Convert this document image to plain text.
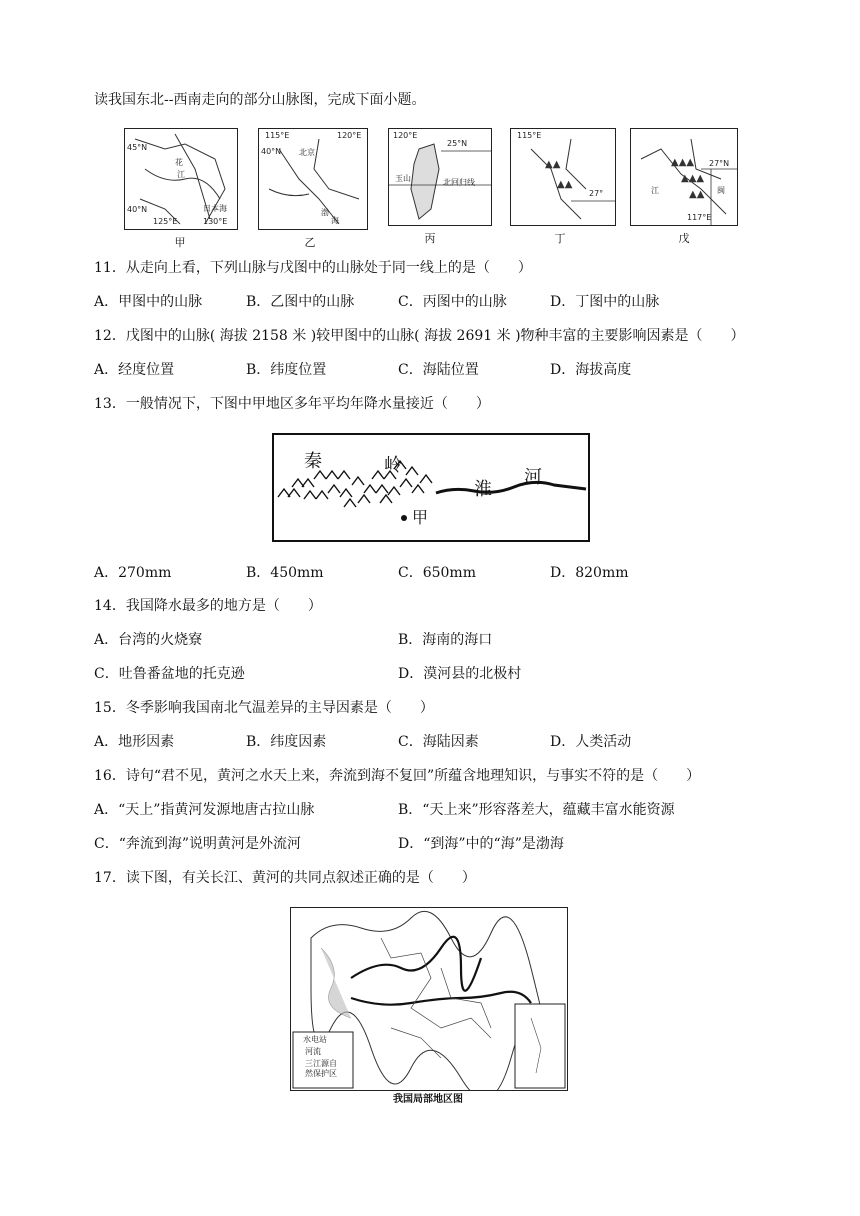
读我国东北--西南走向的部分山脉图，完成下面小题。
45°N
花
江
40°N
125°E	130°E
日本海
甲
115°E	120°E
40°N 北京
渤
海
乙
120°E
25°N
玉山	北回归线
丙
▲▲
▲▲
115°E
27°
丁
▲▲▲
▲▲▲
▲▲
27°N
117°E
闽
江
戊
11．从走向上看，下列山脉与戊图中的山脉处于同一线上的是（　　）
A．甲图中的山脉	B．乙图中的山脉	C．丙图中的山脉	D．丁图中的山脉
12．戊图中的山脉( 海拔 2158 米 )较甲图中的山脉( 海拔 2691 米 )物种丰富的主要影响因素是（　　）
A．经度位置	B．纬度位置	C．海陆位置	D．海拔高度
13．一般情况下，下图中甲地区多年平均年降水量接近（　　）
秦	岭
淮
河
甲
A．270mm	B．450mm	C．650mm	D．820mm
14．我国降水最多的地方是（　　）
A．台湾的火烧寮	B．海南的海口
C．吐鲁番盆地的托克逊	D．漠河县的北极村
15．冬季影响我国南北气温差异的主导因素是（　　）
A．地形因素	B．纬度因素	C．海陆因素	D．人类活动
16．诗句“君不见，黄河之水天上来，奔流到海不复回”所蕴含地理知识，与事实不符的是（　　）
A．“天上”指黄河发源地唐古拉山脉	B．“天上来”形容落差大，蕴藏丰富水能资源
C．“奔流到海”说明黄河是外流河	D．“到海”中的“海”是渤海
17．读下图，有关长江、黄河的共同点叙述正确的是（　　）
水电站
河流
三江源自
然保护区
我国局部地区图
